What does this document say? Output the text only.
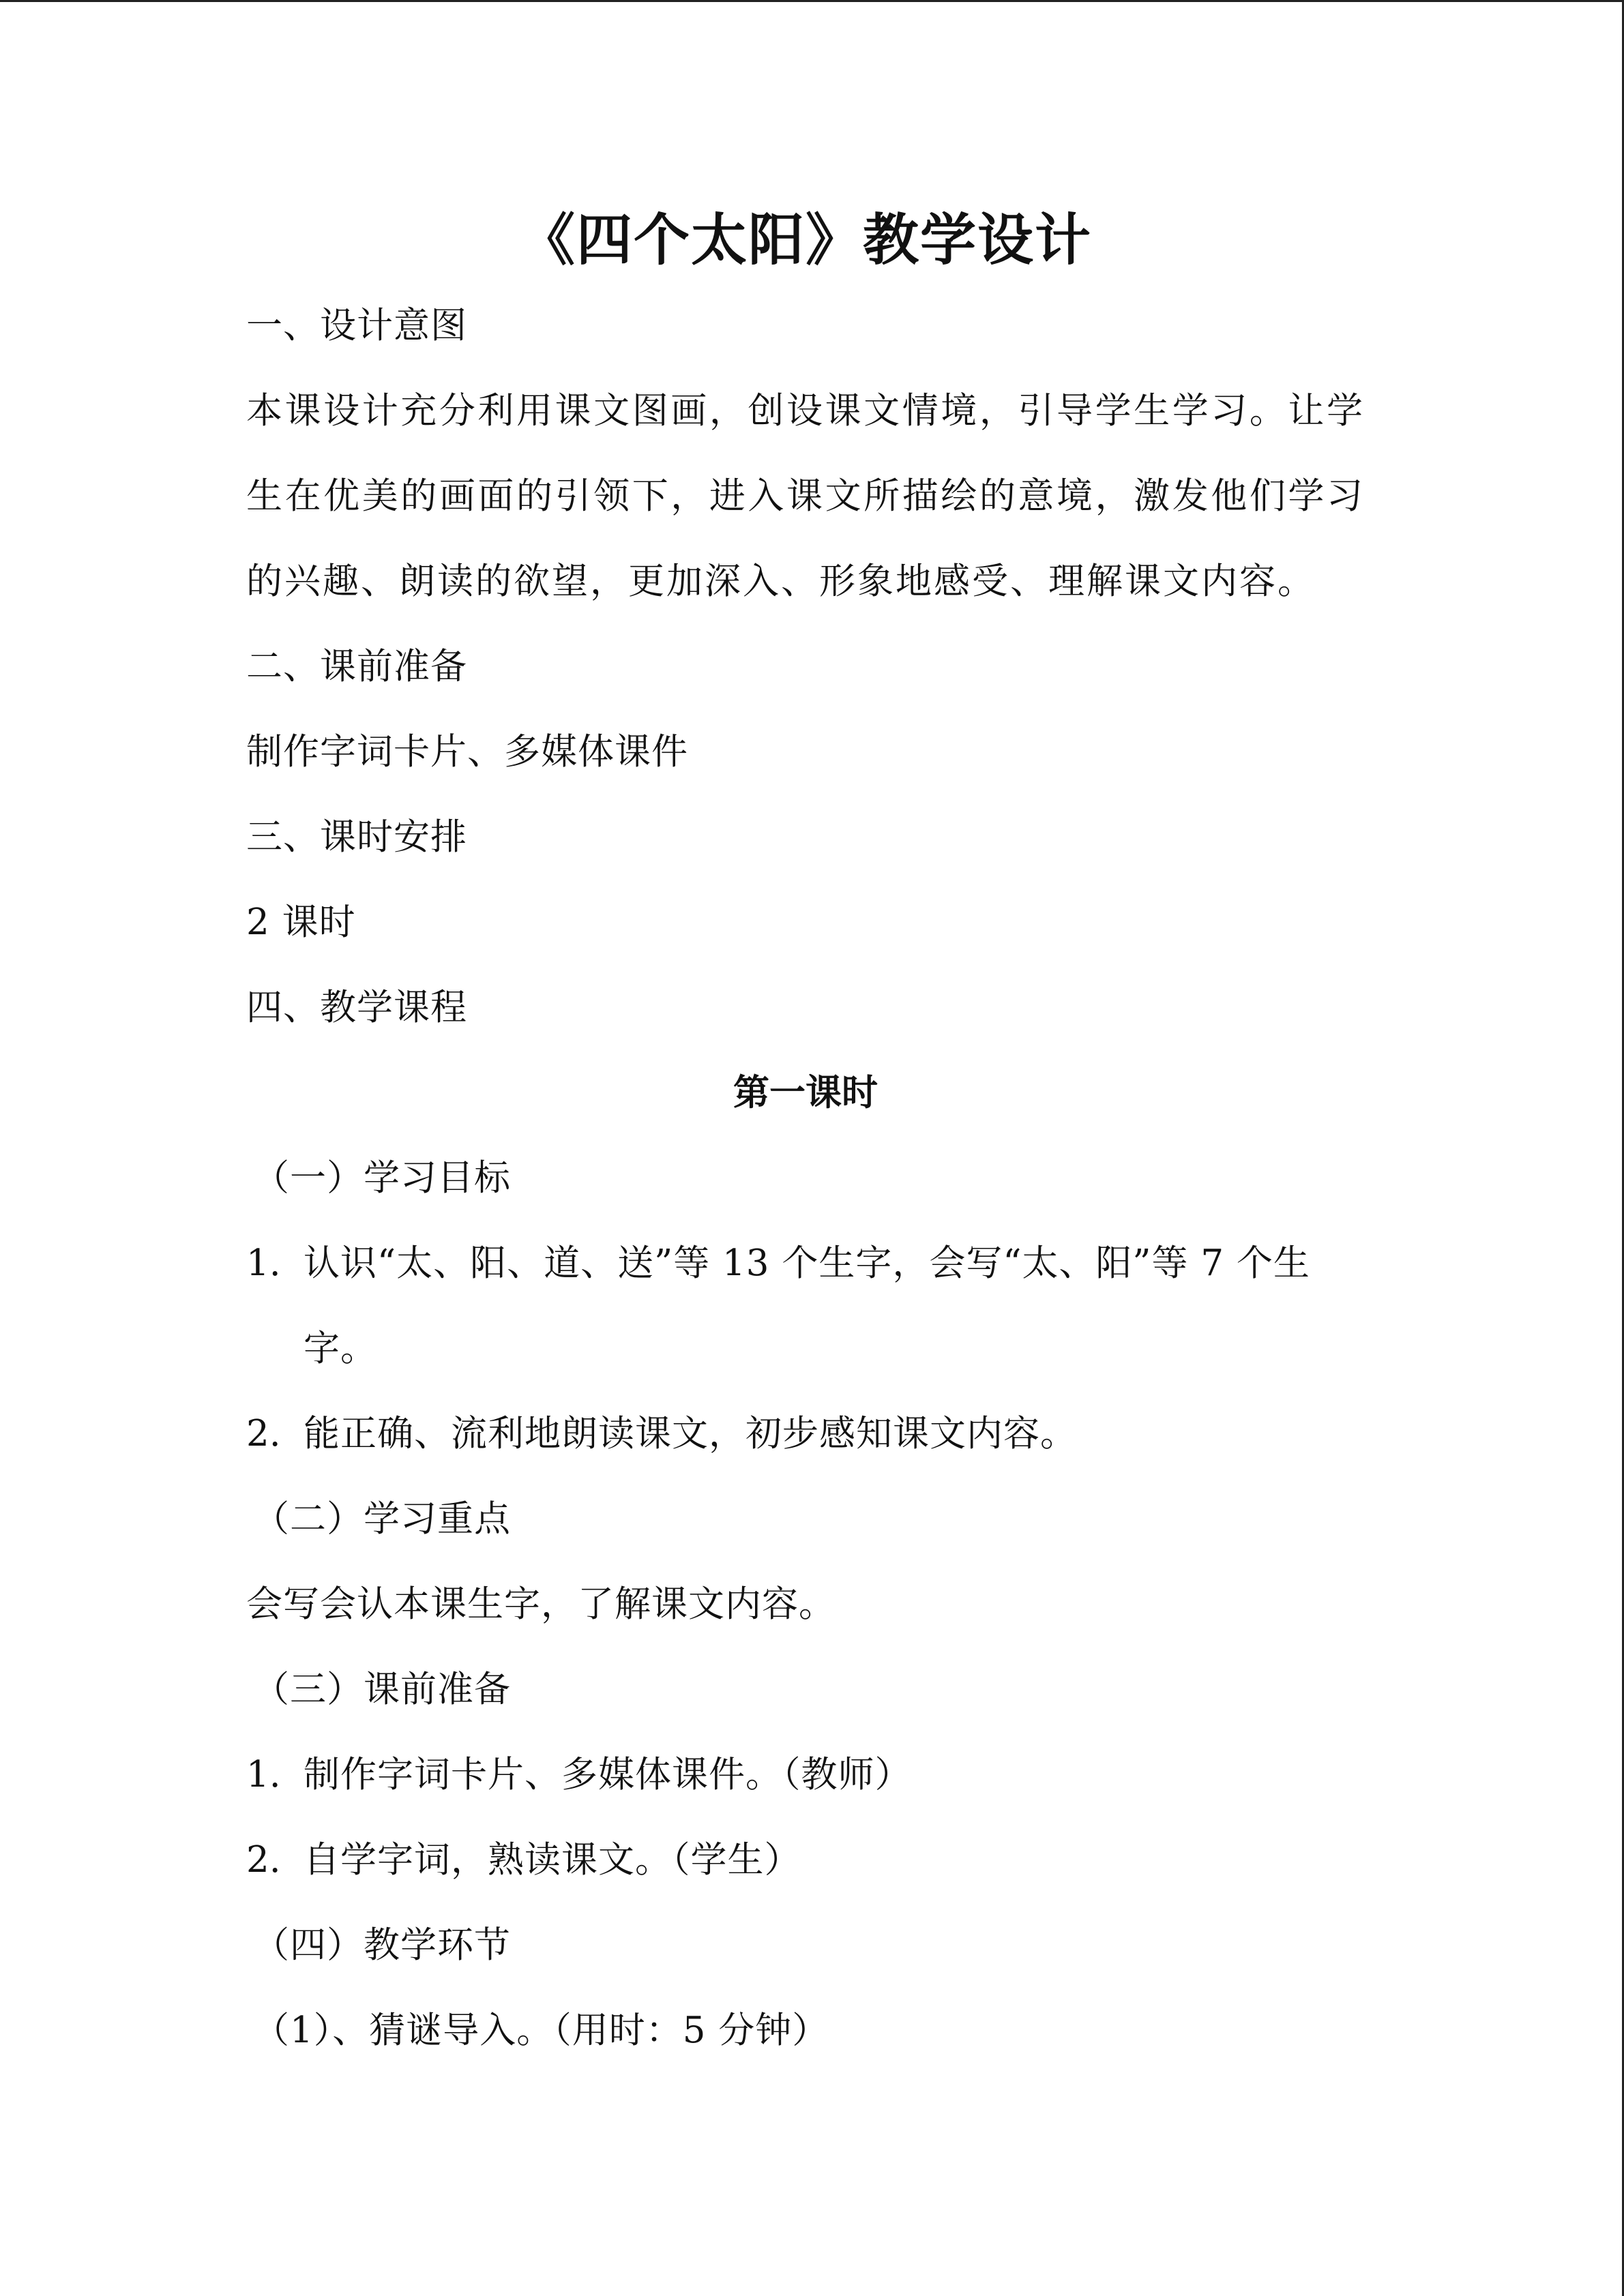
《四个太阳》教学设计
一、设计意图
本课设计充分利用课文图画，创设课文情境，引导学生学习。让学生在优美的画面的引领下，进入课文所描绘的意境，激发他们学习的兴趣、朗读的欲望，更加深入、形象地感受、理解课文内容。
二、课前准备
制作字词卡片、多媒体课件
三、课时安排
2 课时
四、教学课程
第一课时
（一）学习目标
1. 认识“太、阳、道、送”等 13 个生字，会写“太、阳”等 7 个生字。
2. 能正确、流利地朗读课文，初步感知课文内容。
（二）学习重点
会写会认本课生字，了解课文内容。
（三）课前准备
1. 制作字词卡片、多媒体课件。（教师）
2. 自学字词，熟读课文。（学生）
（四）教学环节
（1）、猜谜导入。（用时：5 分钟）
